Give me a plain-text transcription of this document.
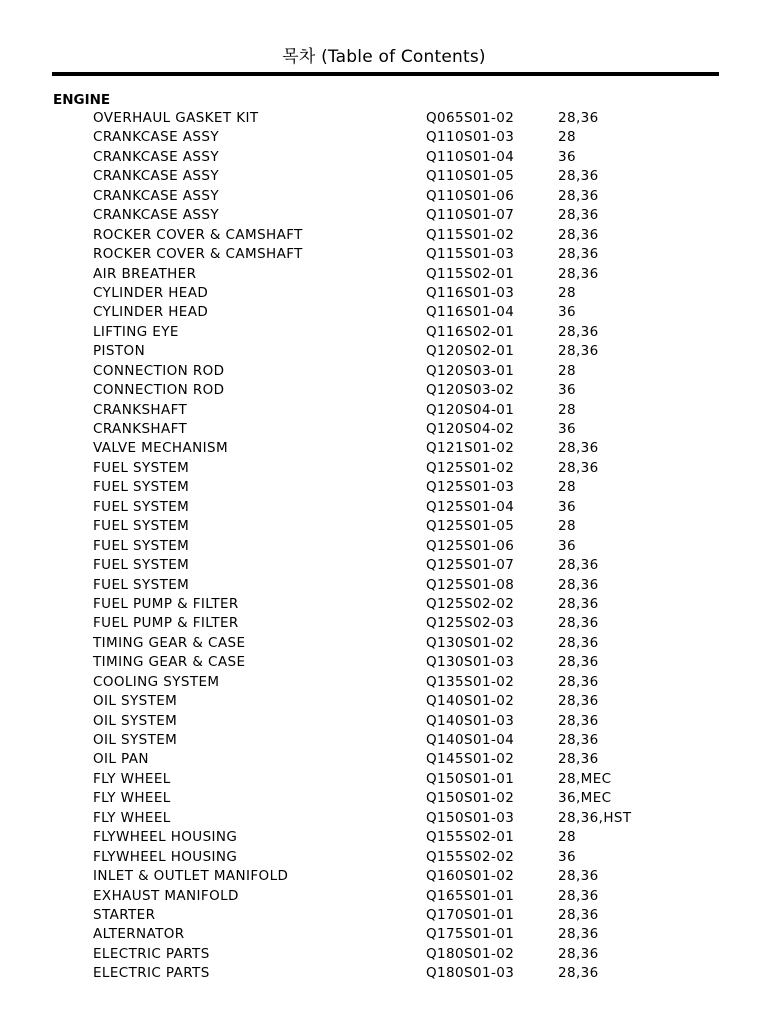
목차 (Table of Contents)
ENGINE
OVERHAUL GASKET KIT	Q065S01-02	28,36
CRANKCASE ASSY	Q110S01-03	28
CRANKCASE ASSY	Q110S01-04	36
CRANKCASE ASSY	Q110S01-05	28,36
CRANKCASE ASSY	Q110S01-06	28,36
CRANKCASE ASSY	Q110S01-07	28,36
ROCKER COVER & CAMSHAFT	Q115S01-02	28,36
ROCKER COVER & CAMSHAFT	Q115S01-03	28,36
AIR BREATHER	Q115S02-01	28,36
CYLINDER HEAD	Q116S01-03	28
CYLINDER HEAD	Q116S01-04	36
LIFTING EYE	Q116S02-01	28,36
PISTON	Q120S02-01	28,36
CONNECTION ROD	Q120S03-01	28
CONNECTION ROD	Q120S03-02	36
CRANKSHAFT	Q120S04-01	28
CRANKSHAFT	Q120S04-02	36
VALVE MECHANISM	Q121S01-02	28,36
FUEL SYSTEM	Q125S01-02	28,36
FUEL SYSTEM	Q125S01-03	28
FUEL SYSTEM	Q125S01-04	36
FUEL SYSTEM	Q125S01-05	28
FUEL SYSTEM	Q125S01-06	36
FUEL SYSTEM	Q125S01-07	28,36
FUEL SYSTEM	Q125S01-08	28,36
FUEL PUMP & FILTER	Q125S02-02	28,36
FUEL PUMP & FILTER	Q125S02-03	28,36
TIMING GEAR & CASE	Q130S01-02	28,36
TIMING GEAR & CASE	Q130S01-03	28,36
COOLING SYSTEM	Q135S01-02	28,36
OIL SYSTEM	Q140S01-02	28,36
OIL SYSTEM	Q140S01-03	28,36
OIL SYSTEM	Q140S01-04	28,36
OIL PAN	Q145S01-02	28,36
FLY WHEEL	Q150S01-01	28,MEC
FLY WHEEL	Q150S01-02	36,MEC
FLY WHEEL	Q150S01-03	28,36,HST
FLYWHEEL HOUSING	Q155S02-01	28
FLYWHEEL HOUSING	Q155S02-02	36
INLET & OUTLET MANIFOLD	Q160S01-02	28,36
EXHAUST MANIFOLD	Q165S01-01	28,36
STARTER	Q170S01-01	28,36
ALTERNATOR	Q175S01-01	28,36
ELECTRIC PARTS	Q180S01-02	28,36
ELECTRIC PARTS	Q180S01-03	28,36
